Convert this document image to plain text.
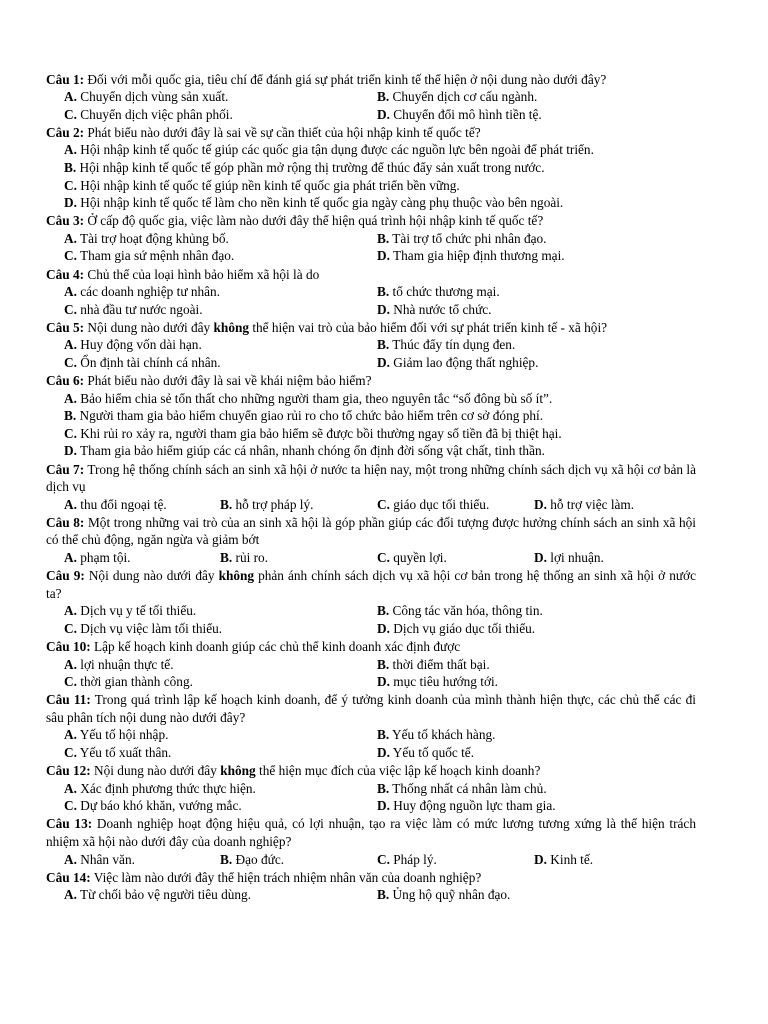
Câu 1: Đối với mỗi quốc gia, tiêu chí để đánh giá sự phát triển kinh tế thể hiện ở nội dung nào dưới đây?
A. Chuyển dịch vùng sản xuất.	B. Chuyển dịch cơ cấu ngành.
C. Chuyển dịch việc phân phối.	D. Chuyển đổi mô hình tiền tệ.
Câu 2: Phát biểu nào dưới đây là sai về sự cần thiết của hội nhập kinh tế quốc tế?
A. Hội nhập kinh tế quốc tế giúp các quốc gia tận dụng được các nguồn lực bên ngoài để phát triển.
B. Hội nhập kinh tế quốc tế góp phần mở rộng thị trường để thúc đẩy sản xuất trong nước.
C. Hội nhập kinh tế quốc tế giúp nền kinh tế quốc gia phát triển bền vững.
D. Hội nhập kinh tế quốc tế làm cho nền kinh tế quốc gia ngày càng phụ thuộc vào bên ngoài.
Câu 3: Ở cấp độ quốc gia, việc làm nào dưới đây thể hiện quá trình hội nhập kinh tế quốc tế?
A. Tài trợ hoạt động khủng bố.	B. Tài trợ tổ chức phi nhân đạo.
C. Tham gia sứ mệnh nhân đạo.	D. Tham gia hiệp định thương mại.
Câu 4: Chủ thể của loại hình bảo hiểm xã hội là do
A. các doanh nghiệp tư nhân.	B. tổ chức thương mại.
C. nhà đầu tư nước ngoài.	D. Nhà nước tổ chức.
Câu 5: Nội dung nào dưới đây không thể hiện vai trò của bảo hiểm đối với sự phát triển kinh tế - xã hội?
A. Huy động vốn dài hạn.	B. Thúc đẩy tín dụng đen.
C. Ổn định tài chính cá nhân.	D. Giảm lao động thất nghiệp.
Câu 6: Phát biểu nào dưới đây là sai về khái niệm bảo hiểm?
A. Bảo hiểm chia sẻ tổn thất cho những người tham gia, theo nguyên tắc “số đông bù số ít”.
B. Người tham gia bảo hiểm chuyển giao rủi ro cho tổ chức bảo hiểm trên cơ sở đóng phí.
C. Khi rủi ro xảy ra, người tham gia bảo hiểm sẽ được bồi thường ngay số tiền đã bị thiệt hại.
D. Tham gia bảo hiểm giúp các cá nhân, nhanh chóng ổn định đời sống vật chất, tinh thần.
Câu 7: Trong hệ thống chính sách an sinh xã hội ở nước ta hiện nay, một trong những chính sách dịch vụ xã hội cơ bản là dịch vụ
A. thu đổi ngoại tệ.	B. hỗ trợ pháp lý.	C. giáo dục tối thiểu.	D. hỗ trợ việc làm.
Câu 8: Một trong những vai trò của an sinh xã hội là góp phần giúp các đối tượng được hưởng chính sách an sinh xã hội có thể chủ động, ngăn ngừa và giảm bớt
A. phạm tội.	B. rủi ro.	C. quyền lợi.	D. lợi nhuận.
Câu 9: Nội dung nào dưới đây không phản ánh chính sách dịch vụ xã hội cơ bản trong hệ thống an sinh xã hội ở nước ta?
A. Dịch vụ y tế tối thiểu.	B. Công tác văn hóa, thông tin.
C. Dịch vụ việc làm tối thiểu.	D. Dịch vụ giáo dục tối thiểu.
Câu 10: Lập kế hoạch kinh doanh giúp các chủ thể kinh doanh xác định được
A. lợi nhuận thực tế.	B. thời điểm thất bại.
C. thời gian thành công.	D. mục tiêu hướng tới.
Câu 11: Trong quá trình lập kế hoạch kinh doanh, để ý tưởng kinh doanh của mình thành hiện thực, các chủ thể các đi sâu phân tích nội dung nào dưới đây?
A. Yếu tố hội nhập.	B. Yếu tố khách hàng.
C. Yếu tố xuất thân.	D. Yếu tố quốc tế.
Câu 12: Nội dung nào dưới đây không thể hiện mục đích của việc lập kế hoạch kinh doanh?
A. Xác định phương thức thực hiện.	B. Thống nhất cá nhân làm chủ.
C. Dự báo khó khăn, vướng mắc.	D. Huy động nguồn lực tham gia.
Câu 13: Doanh nghiệp hoạt động hiệu quả, có lợi nhuận, tạo ra việc làm có mức lương tương xứng là thể hiện trách nhiệm xã hội nào dưới đây của doanh nghiệp?
A. Nhân văn.	B. Đạo đức.	C. Pháp lý.	D. Kinh tế.
Câu 14: Việc làm nào dưới đây thể hiện trách nhiệm nhân văn của doanh nghiệp?
A. Từ chối bảo vệ người tiêu dùng.	B. Ủng hộ quỹ nhân đạo.
